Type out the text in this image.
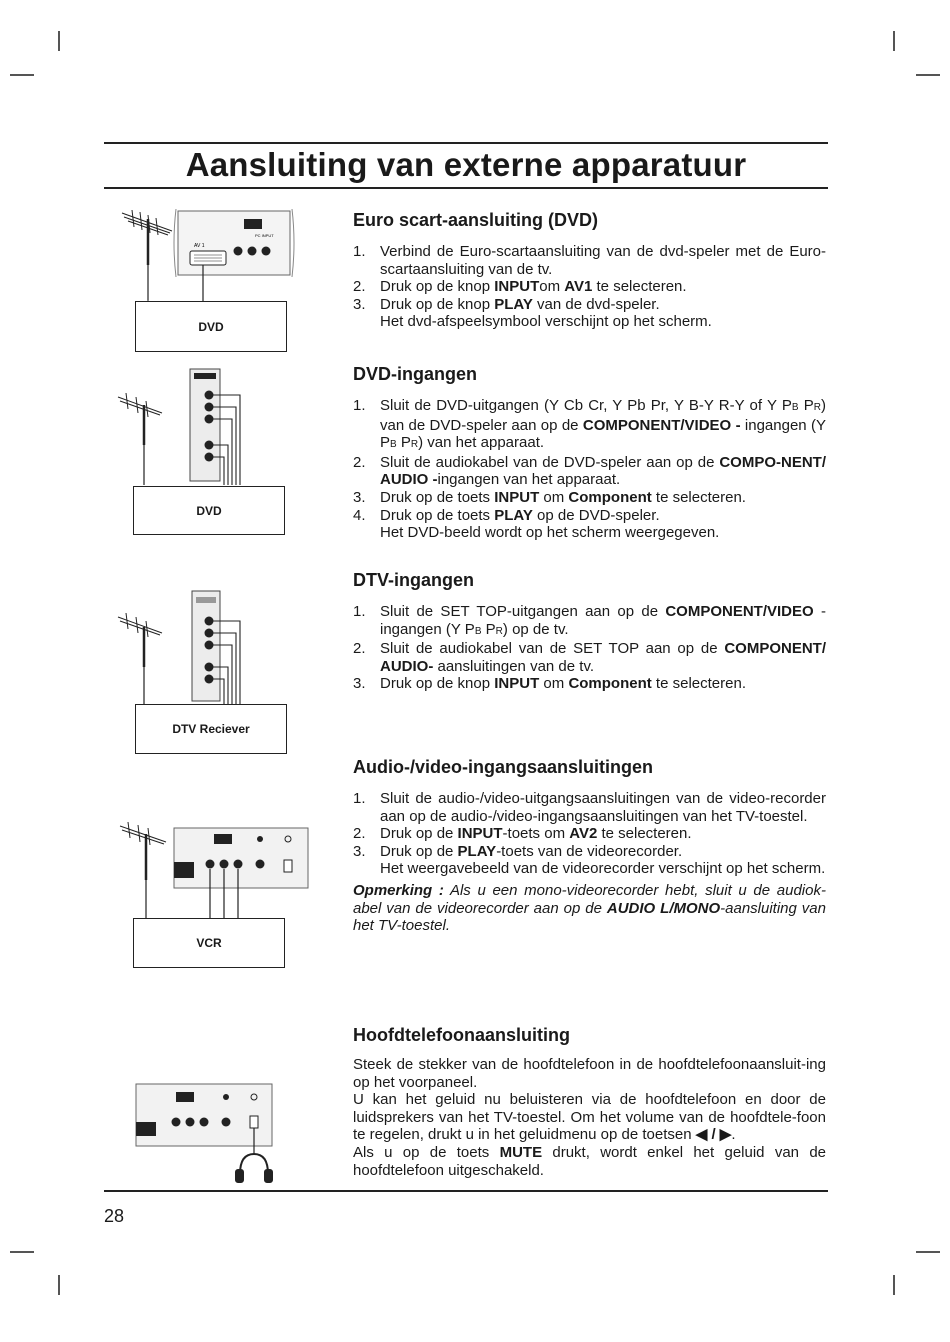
Aansluiting van externe apparatuur
PC INPUT
AV 1
DVD
DVD
DTV Reciever
VCR
Euro scart-aansluiting (DVD)
1. Verbind de Euro-scartaansluiting van de dvd-speler met de Euro-scartaansluiting van de tv.
2. Druk op de knop INPUTom AV1 te selecteren.
3. Druk op de knop PLAY van de dvd-speler.
Het dvd-afspeelsymbool verschijnt op het scherm.
DVD-ingangen
1. Sluit de DVD-uitgangen (Y Cb Cr, Y Pb Pr, Y B-Y R-Y of Y PB PR) van de DVD-speler aan op de COMPONENT/VIDEO - ingangen (Y PB PR) van het apparaat.
2. Sluit de audiokabel van de DVD-speler aan op de COMPO-NENT/ AUDIO -ingangen van het apparaat.
3. Druk op de toets INPUT om Component te selecteren.
4. Druk op de toets PLAY op de DVD-speler.
Het DVD-beeld wordt op het scherm weergegeven.
DTV-ingangen
1. Sluit de SET TOP-uitgangen aan op de COMPONENT/VIDEO -ingangen (Y PB PR) op de tv.
2. Sluit de audiokabel van de SET TOP aan op de COMPONENT/ AUDIO- aansluitingen van de tv.
3. Druk op de knop INPUT om Component te selecteren.
Audio-/video-ingangsaansluitingen
1. Sluit de audio-/video-uitgangsaansluitingen van de video-recorder aan op de audio-/video-ingangsaansluitingen van het TV-toestel.
2. Druk op de INPUT-toets om AV2 te selecteren.
3. Druk op de PLAY-toets van de videorecorder.
Het weergavebeeld van de videorecorder verschijnt op het scherm.

Opmerking : Als u een mono-videorecorder hebt, sluit u de audiok-abel van de videorecorder aan op de AUDIO L/MONO-aansluiting van het TV-toestel.

Hoofdtelefoonaansluiting

Steek de stekker van de hoofdtelefoon in de hoofdtelefoonaansluit-ing op het voorpaneel.

U kan het geluid nu beluisteren via de hoofdtelefoon en door de luidsprekers van het TV-toestel. Om het volume van de hoofdtele-foon te regelen, drukt u in het geluidmenu op de toetsen ◀ / ▶.

Als u op de toets MUTE drukt, wordt enkel het geluid van de hoofdtelefoon uitgeschakeld.

28
